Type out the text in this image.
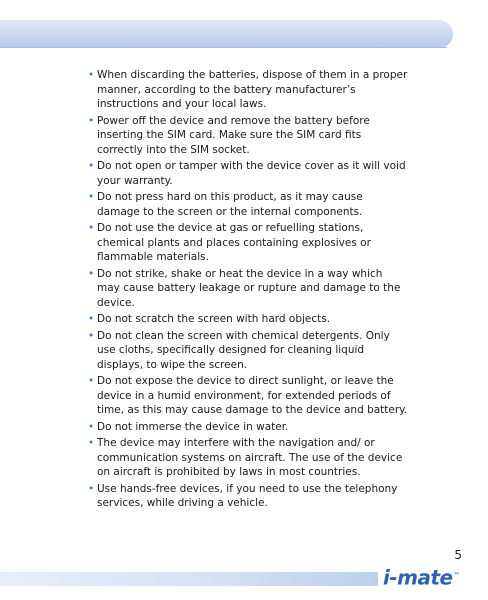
• When discarding the batteries, dispose of them in a proper manner, according to the battery manufacturer’s instructions and your local laws.
• Power off the device and remove the battery before inserting the SIM card. Make sure the SIM card fits correctly into the SIM socket.
• Do not open or tamper with the device cover as it will void your warranty.
• Do not press hard on this product, as it may cause damage to the screen or the internal components.
• Do not use the device at gas or refuelling stations, chemical plants and places containing explosives or flammable materials.
• Do not strike, shake or heat the device in a way which may cause battery leakage or rupture and damage to the device.
• Do not scratch the screen with hard objects.
• Do not clean the screen with chemical detergents. Only use cloths, specifically designed for cleaning liquid displays, to wipe the screen.
• Do not expose the device to direct sunlight, or leave the device in a humid environment, for extended periods of time, as this may cause damage to the device and battery.
• Do not immerse the device in water.
• The device may interfere with the navigation and/ or communication systems on aircraft. The use of the device on aircraft is prohibited by laws in most countries.
• Use hands-free devices, if you need to use the telephony services, while driving a vehicle.
5
i-mate™
